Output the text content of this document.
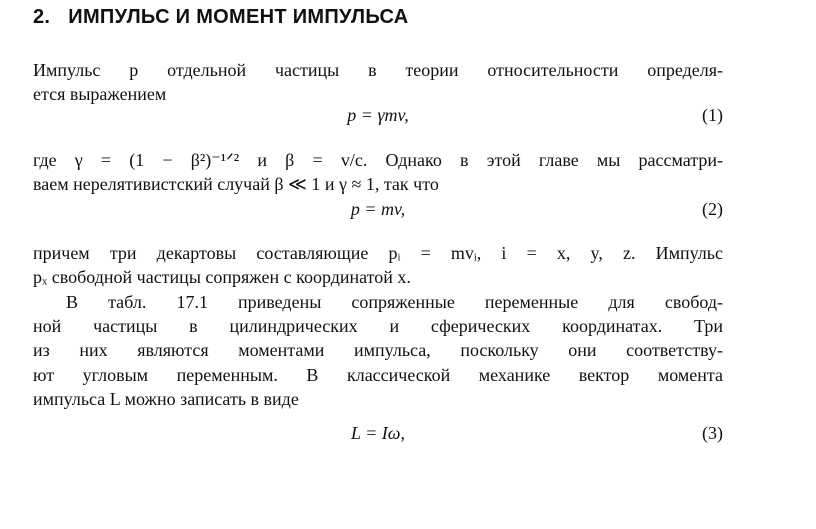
2. ИМПУЛЬС И МОМЕНТ ИМПУЛЬСА
Импульс p отдельной частицы в теории относительности определя-
ется выражением
p = γmv,	(1)
где γ = (1 − β²)⁻¹ᐟ² и β = v/c. Однако в этой главе мы рассматри-
ваем нерелятивистский случай β ≪ 1 и γ ≈ 1, так что
p = mv,	(2)
причем три декартовы составляющие pᵢ = mvᵢ, i = x, y, z. Импульс
pₓ свободной частицы сопряжен с координатой x.
В табл. 17.1 приведены сопряженные переменные для свобод-
ной частицы в цилиндрических и сферических координатах. Три
из них являются моментами импульса, поскольку они соответству-
ют угловым переменным. В классической механике вектор момента
импульса L можно записать в виде
L = Iω,	(3)
